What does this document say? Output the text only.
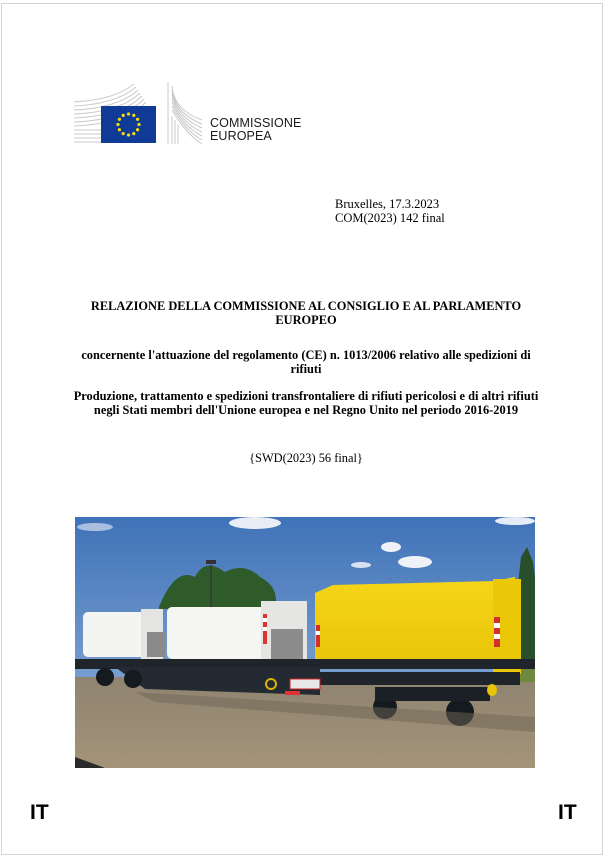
COMMISSIONE
EUROPEA
Bruxelles, 17.3.2023
COM(2023) 142 final
RELAZIONE DELLA COMMISSIONE AL CONSIGLIO E AL PARLAMENTO
EUROPEO
concernente l'attuazione del regolamento (CE) n. 1013/2006 relativo alle spedizioni di
rifiuti
Produzione, trattamento e spedizioni transfrontaliere di rifiuti pericolosi e di altri rifiuti
negli Stati membri dell'Unione europea e nel Regno Unito nel periodo 2016-2019
{SWD(2023) 56 final}
IT	IT
